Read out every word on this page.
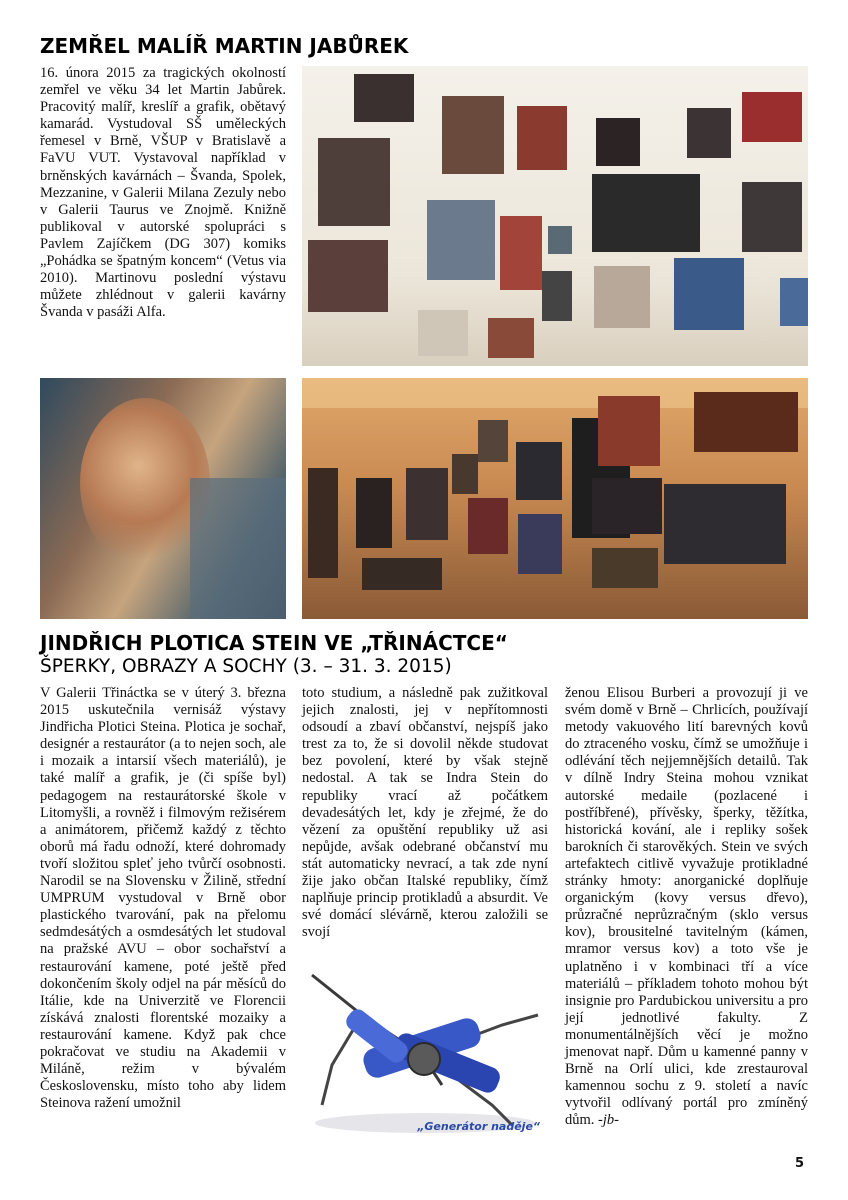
ZEMŘEL MALÍŘ MARTIN JABŮREK

16. února 2015 za tragických okolností zemřel ve věku 34 let Martin Jabůrek. Pracovitý malíř, kreslíř a grafik, obětavý kamarád. Vystudoval SŠ uměleckých řemesel v Brně, VŠUP v Bratislavě a FaVU VUT. Vystavoval například v brněnských kavárnách – Švanda, Spolek, Mezzanine, v Galerii Milana Zezuly nebo v Galerii Taurus ve Znojmě. Knižně publikoval v autorské spolupráci s Pavlem Zajíčkem (DG 307) komiks „Pohádka se špatným koncem“ (Vetus via 2010). Martinovu poslední výstavu můžete zhlédnout v galerii kavárny Švanda v pasáži Alfa.

JINDŘICH PLOTICA STEIN VE „TŘINÁCTCE“
ŠPERKY, OBRAZY A SOCHY (3. – 31. 3. 2015)

V Galerii Třináctka se v úterý 3. března 2015 uskutečnila vernisáž výstavy Jindřicha Plotici Steina. Plotica je sochař, designér a restaurátor (a to nejen soch, ale i mozaik a intarsií všech materiálů), je také malíř a grafik, je (či spíše byl) pedagogem na restaurátorské škole v Litomyšli, a rovněž i filmovým režisérem a animátorem, přičemž každý z těchto oborů má řadu odnoží, které dohromady tvoří složitou spleť jeho tvůrčí osobnosti. Narodil se na Slovensku v Žilině, střední UMPRUM vystudoval v Brně obor plastického tvarování, pak na přelomu sedmdesátých a osmdesátých let studoval na pražské AVU – obor sochařství a restaurování kamene, poté ještě před dokončením školy odjel na pár měsíců do Itálie, kde na Univerzitě ve Florencii získává znalosti florentské mozaiky a restaurování kamene. Když pak chce pokračovat ve studiu na Akademii v Miláně, režim v bývalém Československu, místo toho aby lidem Steinova ražení umožnil

toto studium, a následně pak zužitkoval jejich znalosti, jej v nepřítomnosti odsoudí a zbaví občanství, nejspíš jako trest za to, že si dovolil někde studovat bez povolení, které by však stejně nedostal. A tak se Indra Stein do republiky vrací až počátkem devadesátých let, kdy je zřejmé, že do vězení za opuštění republiky už asi nepůjde, avšak odebrané občanství mu stát automaticky nevrací, a tak zde nyní žije jako občan Italské republiky, čímž naplňuje princip protikladů a absurdit. Ve své domácí slévárně, kterou založili se svojí

„Generátor naděje“

ženou Elisou Burberi a provozují ji ve svém domě v Brně – Chrlicích, používají metody vakuového lití barevných kovů do ztraceného vosku, čímž se umožňuje i odlévání těch nejjemnějších detailů. Tak v dílně Indry Steina mohou vznikat autorské medaile (pozlacené i postříbřené), přívěsky, šperky, těžítka, historická kování, ale i repliky sošek barokních či starověkých. Stein ve svých artefaktech citlivě vyvažuje protikladné stránky hmoty: anorganické doplňuje organickým (kovy versus dřevo), průzračné neprůzračným (sklo versus kov), brousitelné tavitelným (kámen, mramor versus kov) a toto vše je uplatněno i v kombinaci tří a více materiálů – příkladem tohoto mohou být insignie pro Pardubickou universitu a pro její jednotlivé fakulty. Z monumentálnějších věcí je možno jmenovat např. Dům u kamenné panny v Brně na Orlí ulici, kde zrestauroval kamennou sochu z 9. století a navíc vytvořil odlívaný portál pro zmíněný dům. -jb-

5
